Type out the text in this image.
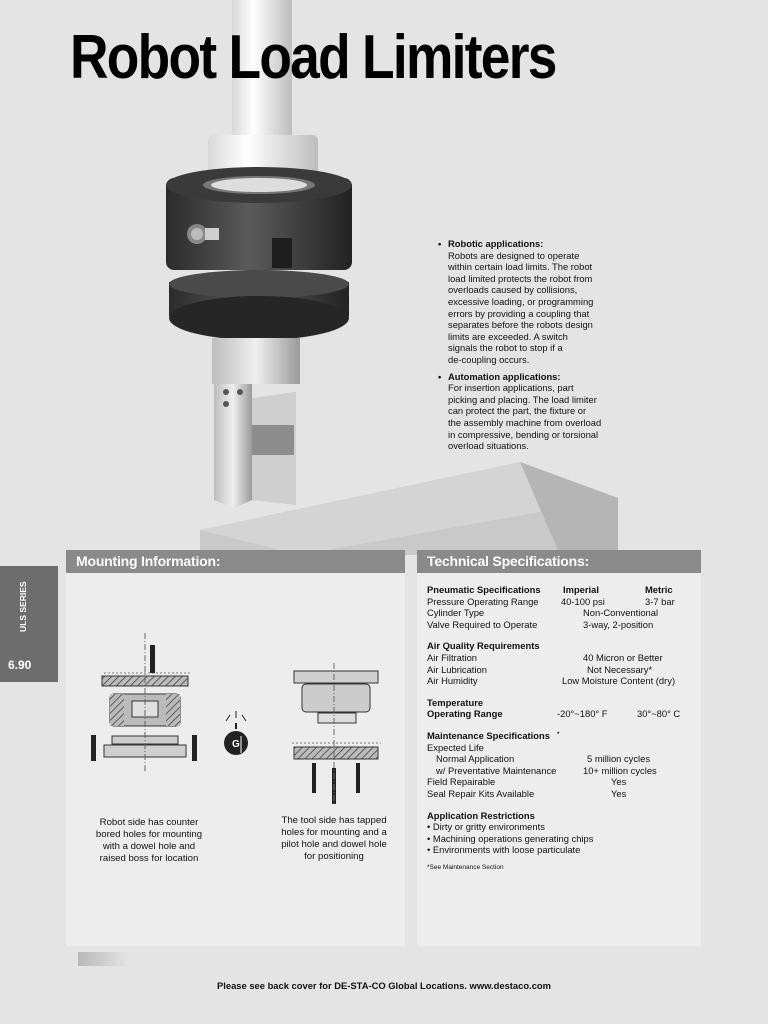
Robot Load Limiters
• Robotic applications:
Robots are designed to operate
within certain load limits. The robot
load limited protects the robot from
overloads caused by collisions,
excessive loading, or programming
errors by providing a coupling that
separates before the robots design
limits are exceeded. A switch
signals the robot to stop if a
de-coupling occurs.
• Automation applications:
For insertion applications, part
picking and placing. The load limiter
can protect the part, the fixture or
the assembly machine from overload
in compressive, bending or torsional
overload situations.
ULS SERIES
6.90
Mounting Information:
G
Robot side has counter
bored holes for mounting
with a dowel hole and
raised boss for location
The tool side has tapped
holes for mounting and a
pilot hole and dowel hole
for positioning
Technical Specifications:
Pneumatic Specifications Imperial	Metric
Pressure Operating Range 40-100 psi	3-7 bar
Cylinder Type	Non-Conventional
Valve Required to Operate	3-way, 2-position
Air Quality Requirements
Air Filtration	40 Micron or Better
Air Lubrication	Not Necessary*
Air Humidity	Low Moisture Content (dry)
Temperature
Operating Range	-20°~180° F	30°~80° C
Maintenance Specifications *
Expected Life
Normal Application	5 million cycles
w/ Preventative Maintenance	10+ million cycles
Field Repairable	Yes
Seal Repair Kits Available	Yes
Application Restrictions
• Dirty or gritty environments
• Machining operations generating chips
• Environments with loose particulate
*See Maintenance Section
Please see back cover for DE-STA-CO Global Locations. www.destaco.com
